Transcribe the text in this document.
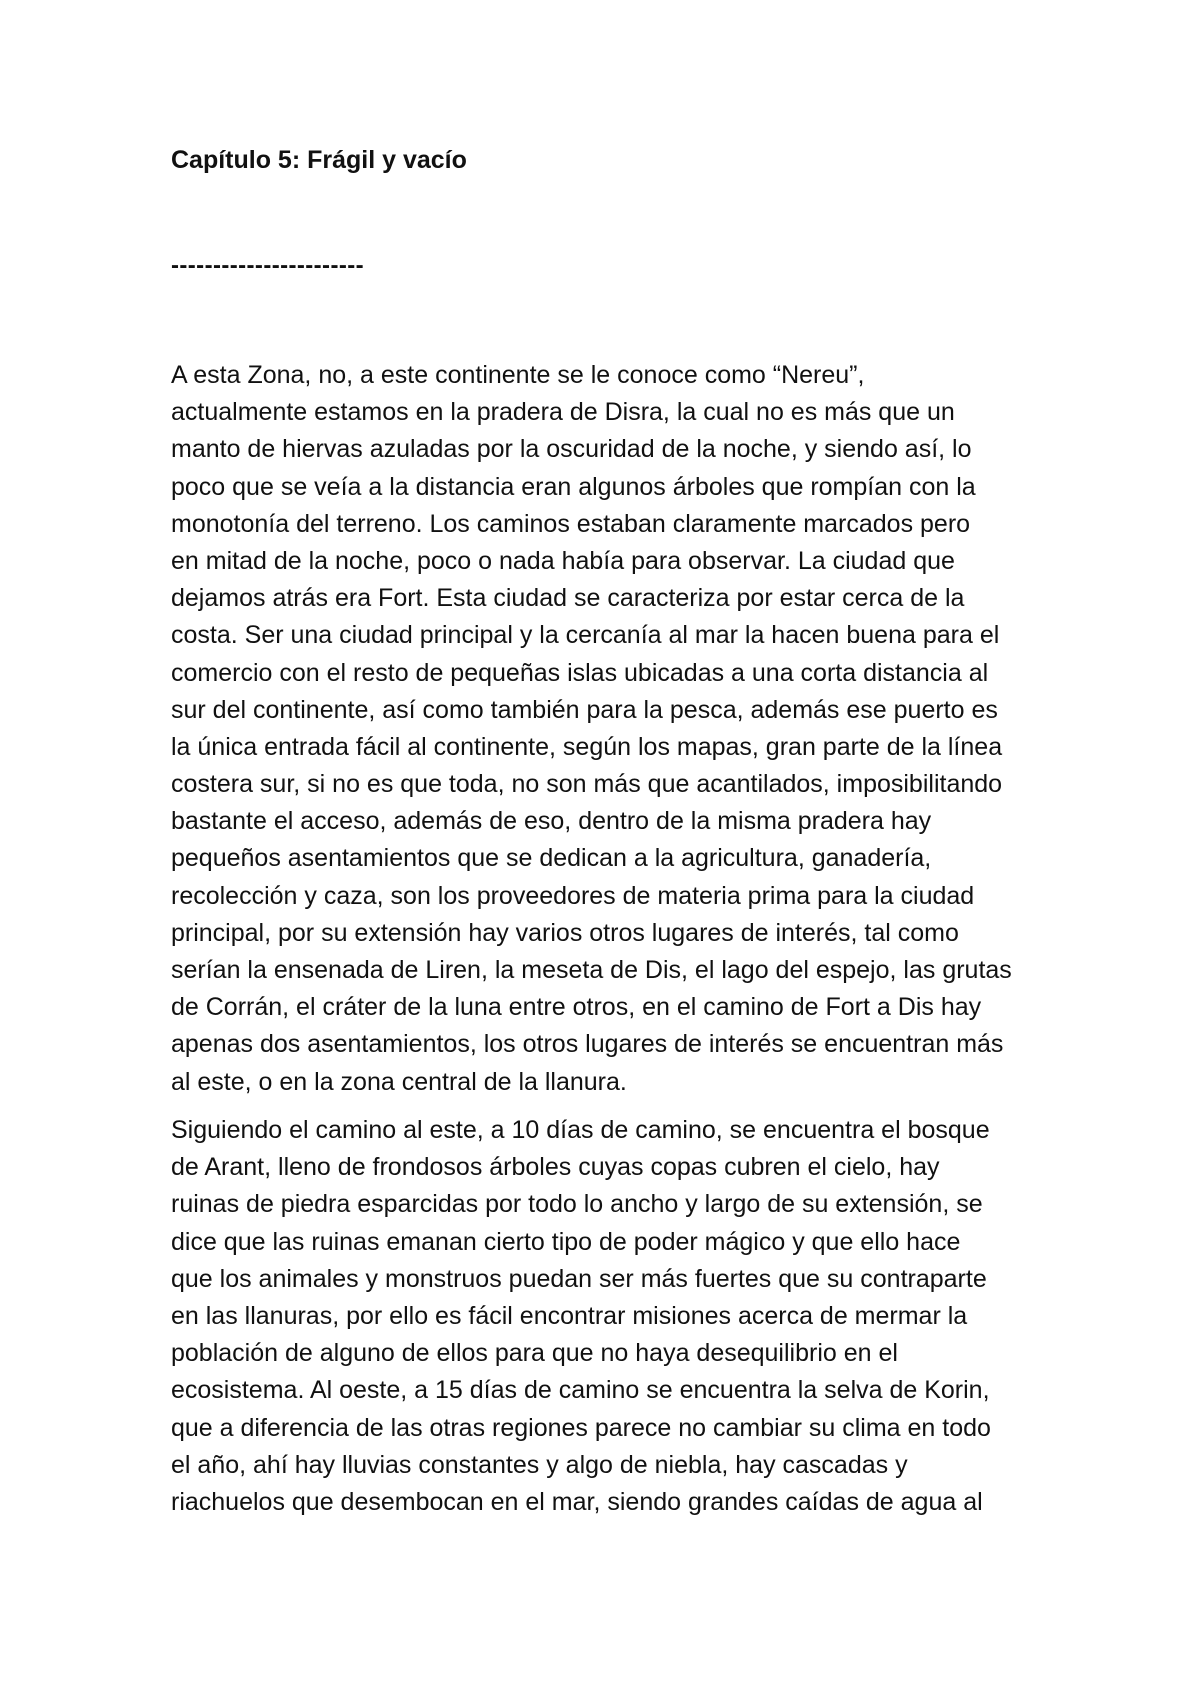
Capítulo 5: Frágil y vacío
-----------------------

A esta Zona, no, a este continente se le conoce como “Nereu”,
actualmente estamos en la pradera de Disra, la cual no es más que un
manto de hiervas azuladas por la oscuridad de la noche, y siendo así, lo
poco que se veía a la distancia eran algunos árboles que rompían con la
monotonía del terreno. Los caminos estaban claramente marcados pero
en mitad de la noche, poco o nada había para observar. La ciudad que
dejamos atrás era Fort. Esta ciudad se caracteriza por estar cerca de la
costa. Ser una ciudad principal y la cercanía al mar la hacen buena para el
comercio con el resto de pequeñas islas ubicadas a una corta distancia al
sur del continente, así como también para la pesca, además ese puerto es
la única entrada fácil al continente, según los mapas, gran parte de la línea
costera sur, si no es que toda, no son más que acantilados, imposibilitando
bastante el acceso, además de eso, dentro de la misma pradera hay
pequeños asentamientos que se dedican a la agricultura, ganadería,
recolección y caza, son los proveedores de materia prima para la ciudad
principal, por su extensión hay varios otros lugares de interés, tal como
serían la ensenada de Liren, la meseta de Dis, el lago del espejo, las grutas
de Corrán, el cráter de la luna entre otros, en el camino de Fort a Dis hay
apenas dos asentamientos, los otros lugares de interés se encuentran más
al este, o en la zona central de la llanura.

Siguiendo el camino al este, a 10 días de camino, se encuentra el bosque
de Arant, lleno de frondosos árboles cuyas copas cubren el cielo, hay
ruinas de piedra esparcidas por todo lo ancho y largo de su extensión, se
dice que las ruinas emanan cierto tipo de poder mágico y que ello hace
que los animales y monstruos puedan ser más fuertes que su contraparte
en las llanuras, por ello es fácil encontrar misiones acerca de mermar la
población de alguno de ellos para que no haya desequilibrio en el
ecosistema. Al oeste, a 15 días de camino se encuentra la selva de Korin,
que a diferencia de las otras regiones parece no cambiar su clima en todo
el año, ahí hay lluvias constantes y algo de niebla, hay cascadas y
riachuelos que desembocan en el mar, siendo grandes caídas de agua al
